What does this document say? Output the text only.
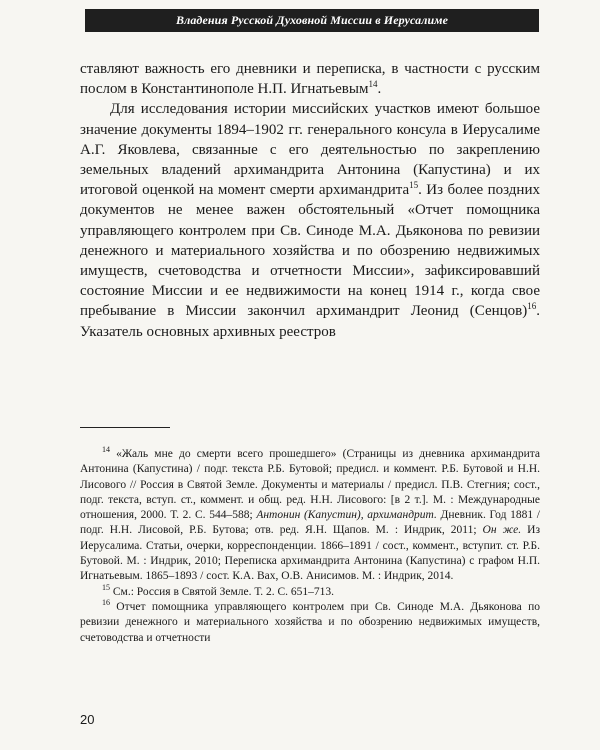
Владения Русской Духовной Миссии в Иерусалиме

ставляют важность его дневники и переписка, в частности с русским послом в Константинополе Н.П. Игнатьевым$^{14}$.

Для исследования истории миссийских участков имеют большое значение документы 1894–1902 гг. генерального консула в Иерусалиме А.Г. Яковлева, связанные с его деятельностью по закреплению земельных владений архимандрита Антонина (Капустина) и их итоговой оценкой на момент смерти архимандрита$^{15}$. Из более поздних документов не менее важен обстоятельный «Отчет помощника управляющего контролем при Св. Синоде М.А. Дьяконова по ревизии денежного и материального хозяйства и по обозрению недвижимых имуществ, счетоводства и отчетности Миссии», зафиксировавший состояние Миссии и ее недвижимости на конец 1914 г., когда свое пребывание в Миссии закончил архимандрит Леонид (Сенцов)$^{16}$. Указатель основных архивных реестров

$^{14}$ «Жаль мне до смерти всего прошедшего» (Страницы из дневника архимандрита Антонина (Капустина) / подг. текста Р.Б. Бутовой; предисл. и коммент. Р.Б. Бутовой и Н.Н. Лисового // Россия в Святой Земле. Документы и материалы / предисл. П.В. Стегния; сост., подг. текста, вступ. ст., коммент. и общ. ред. Н.Н. Лисового: [в 2 т.]. М. : Международные отношения, 2000. Т. 2. С. 544–588; Антонин (Капустин), архимандрит. Дневник. Год 1881 / подг. Н.Н. Лисовой, Р.Б. Бутова; отв. ред. Я.Н. Щапов. М. : Индрик, 2011; Он же. Из Иерусалима. Статьи, очерки, корреспонденции. 1866–1891 / сост., коммент., вступит. ст. Р.Б. Бутовой. М. : Индрик, 2010; Переписка архимандрита Антонина (Капустина) с графом Н.П. Игнатьевым. 1865–1893 / сост. К.А. Вах, О.В. Анисимов. М. : Индрик, 2014.

$^{15}$ См.: Россия в Святой Земле. Т. 2. С. 651–713.

$^{16}$ Отчет помощника управляющего контролем при Св. Синоде М.А. Дьяконова по ревизии денежного и материального хозяйства и по обозрению недвижимых имуществ, счетоводства и отчетности

20
